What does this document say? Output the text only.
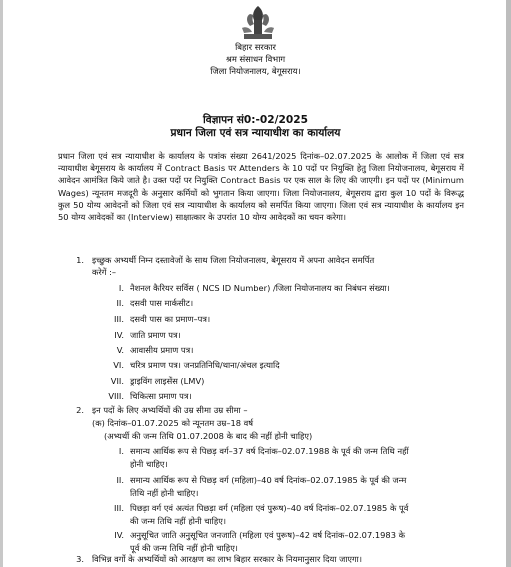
बिहार सरकार
श्रम संसाधन विभाग
जिला नियोजनालय, बेगूसराय।
विज्ञापन सं0:-02/2025
प्रधान जिला एवं सत्र न्यायाधीश का कार्यालय

प्रधान जिला एवं सत्र न्यायाधीश के कार्यालय के पत्रांक संख्या 2641/2025 दिनांक–02.07.2025 के आलोक में जिला एवं सत्र न्यायाधीश बेगूसराय के कार्यालय में Contract Basis पर Attenders के 10 पदों पर नियुक्ति हेतु जिला नियोजनालय, बेगूसराय में आवेदन आमंत्रित किये जाते है। उक्त पदों पर नियुक्ति Contract Basis पर एक साल के लिए की जाएगी। इन पदों पर (Minimum Wages) न्यूनतम मजदूरी के अनुसार कर्मियों को भुगतान किया जाएगा। जिला नियोजनालय, बेगूसराय द्वारा कुल 10 पदों के विरूद्ध कुल 50 योग्य आवेदनों को जिला एवं सत्र न्यायाधीश के कार्यालय को समर्पित किया जाएगा। जिला एवं सत्र न्यायाधीश के कार्यालय इन 50 योग्य आवेदकों का (Interview) साक्षात्कार के उपरांत 10 योग्य आवेदकों का चयन करेगा।

1. इच्छुक अभ्यर्थी निम्न दस्तावेजों के साथ जिला नियोजनालय, बेगूसराय में अपना आवेदन समर्पित
करेगें :–
I. नैशनल कैरियर सर्विस ( NCS ID Number) /जिला नियोजनालय का निबंधन संख्या।
II. दसवी पास मार्कसीट।
III. दसवी पास का प्रमाण–पत्र।
IV. जाति प्रमाण पत्र।
V. आवासीय प्रमाण पत्र।
VI. चरित्र प्रमाण पत्र। जनप्रतिनिधि/थाना/अंचल इत्यादि
VII. ड्राइविंग लाइसेंस (LMV)
VIII. चिकित्सा प्रमाण पत्र।
2. इन पदों के लिए अभ्यर्थियों की उम्र सीमा उम्र सीमा –
(क) दिनांक–01.07.2025 को न्यूनतम उम्र–18 वर्ष
(अभ्यर्थी की जन्म तिथि 01.07.2008 के बाद की नहीं होनी चाहिए)
I. समान्य आर्थिक रूप से पिछड़ वर्ग–37 वर्ष दिनांक–02.07.1988 के पूर्व की जन्म तिथि नहीं
होनी चाहिए।
II. समान्य आर्थिक रूप से पिछड़ वर्ग (महिला)–40 वर्ष दिनांक–02.07.1985 के पूर्व की जन्म
तिथि नहीं होनी चाहिए।
III. पिछड़ा वर्ग एवं अत्यंत पिछड़ा वर्ग (महिला एवं पुरूष)–40 वर्ष दिनांक–02.07.1985 के पूर्व
की जन्म तिथि नहीं होनी चाहिए।
IV. अनुसूचित जाति अनुसूचित जनजाति (महिला एवं पुरूष)–42 वर्ष दिनांक–02.07.1983 के
पूर्व की जन्म तिथि नहीं होनी चाहिए।
3. विभिन्न वर्गो के अभ्यर्थियों को आरक्षण का लाभ बिहार सरकार के नियमानुसार दिया जाएगा।
